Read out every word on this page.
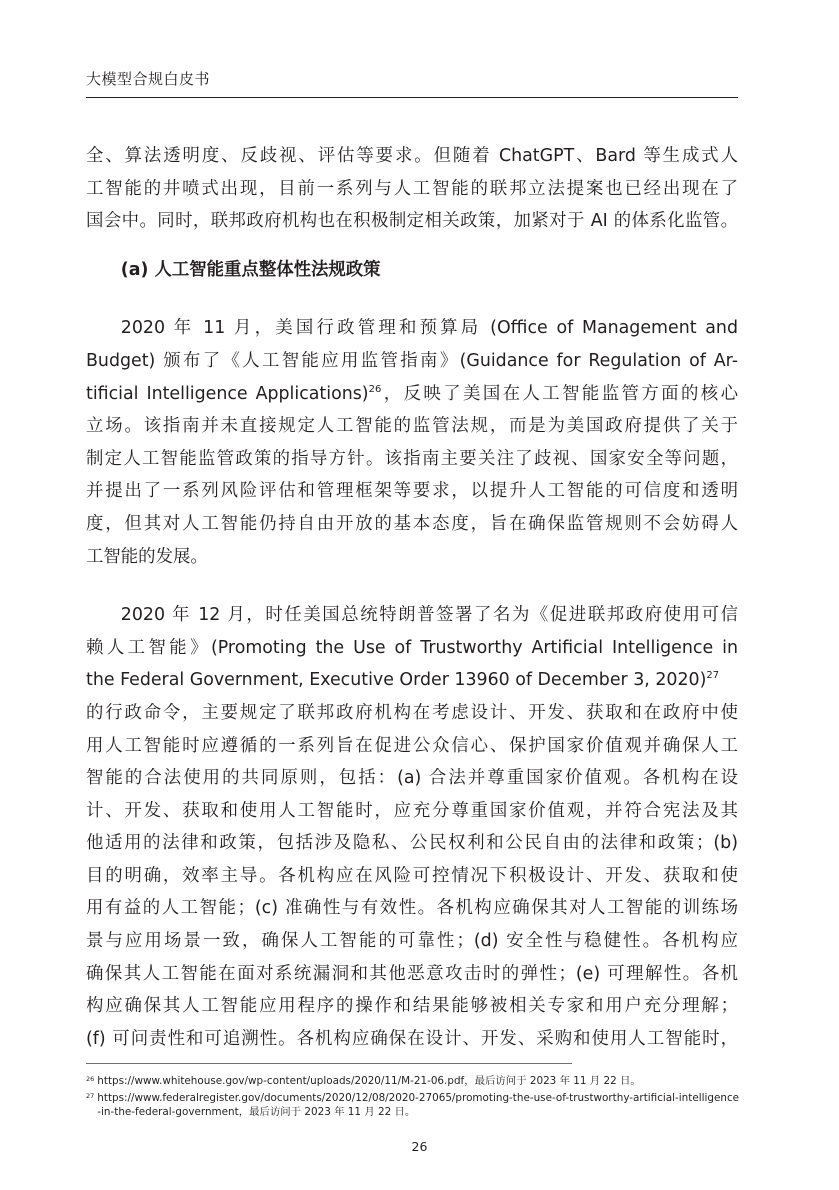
大模型合规白皮书

全、算法透明度、反歧视、评估等要求。但随着 ChatGPT、Bard 等生成式人
工智能的井喷式出现，目前一系列与人工智能的联邦立法提案也已经出现在了
国会中。同时，联邦政府机构也在积极制定相关政策，加紧对于 AI 的体系化监管。

(a) 人工智能重点整体性法规政策

2020 年 11 月，美国行政管理和预算局 (Office of Management and
Budget) 颁布了《人工智能应用监管指南》(Guidance for Regulation of Ar-
tificial Intelligence Applications)$^{26}$，反映了美国在人工智能监管方面的核心
立场。该指南并未直接规定人工智能的监管法规，而是为美国政府提供了关于
制定人工智能监管政策的指导方针。该指南主要关注了歧视、国家安全等问题，
并提出了一系列风险评估和管理框架等要求，以提升人工智能的可信度和透明
度，但其对人工智能仍持自由开放的基本态度，旨在确保监管规则不会妨碍人
工智能的发展。

2020 年 12 月，时任美国总统特朗普签署了名为《促进联邦政府使用可信
赖人工智能》(Promoting the Use of Trustworthy Artificial Intelligence in
the Federal Government, Executive Order 13960 of December 3, 2020)$^{27}$
的行政命令，主要规定了联邦政府机构在考虑设计、开发、获取和在政府中使
用人工智能时应遵循的一系列旨在促进公众信心、保护国家价值观并确保人工
智能的合法使用的共同原则，包括：(a) 合法并尊重国家价值观。各机构在设
计、开发、获取和使用人工智能时，应充分尊重国家价值观，并符合宪法及其
他适用的法律和政策，包括涉及隐私、公民权利和公民自由的法律和政策；(b)
目的明确，效率主导。各机构应在风险可控情况下积极设计、开发、获取和使
用有益的人工智能；(c) 准确性与有效性。各机构应确保其对人工智能的训练场
景与应用场景一致，确保人工智能的可靠性；(d) 安全性与稳健性。各机构应
确保其人工智能在面对系统漏洞和其他恶意攻击时的弹性；(e) 可理解性。各机
构应确保其人工智能应用程序的操作和结果能够被相关专家和用户充分理解；
(f) 可问责性和可追溯性。各机构应确保在设计、开发、采购和使用人工智能时，

26 https://www.whitehouse.gov/wp-content/uploads/2020/11/M-21-06.pdf，最后访问于 2023 年 11 月 22 日。
27 https://www.federalregister.gov/documents/2020/12/08/2020-27065/promoting-the-use-of-trustworthy-artificial-intelligence-in-the-federal-government，最后访问于 2023 年 11 月 22 日。
26
